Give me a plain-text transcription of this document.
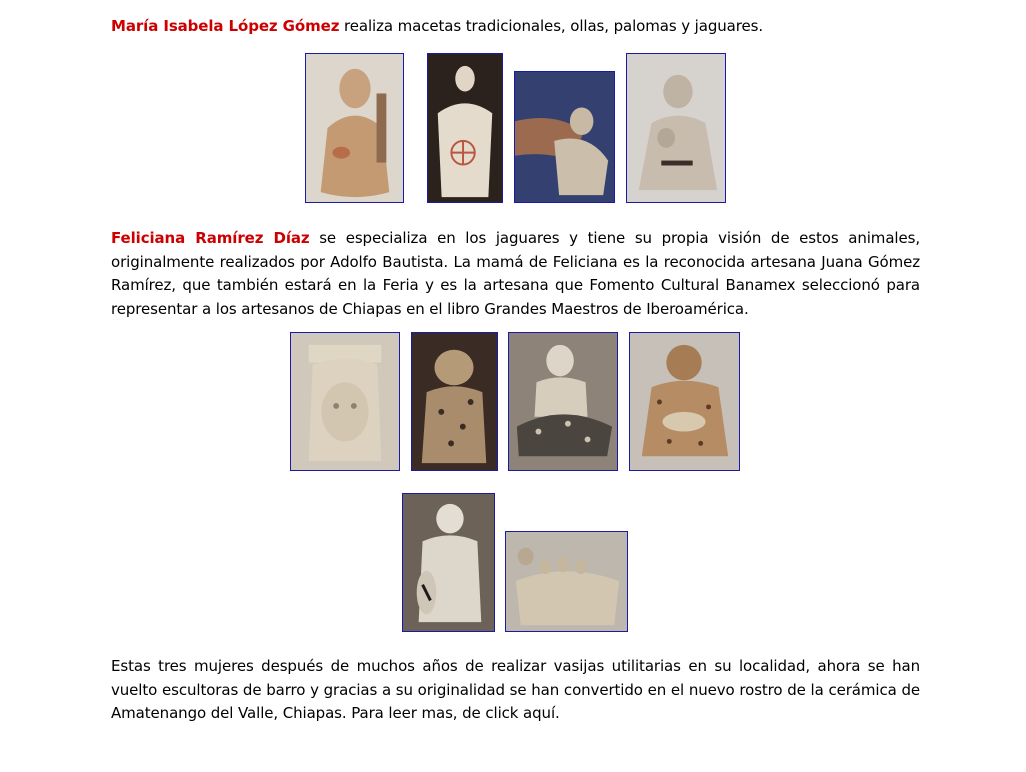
María Isabela López Gómez realiza macetas tradicionales, ollas, palomas y jaguares.

Feliciana Ramírez Díaz se especializa en los jaguares y tiene su propia visión de estos animales, originalmente realizados por Adolfo Bautista. La mamá de Feliciana es la reconocida artesana Juana Gómez Ramírez, que también estará en la Feria y es la artesana que Fomento Cultural Banamex seleccionó para representar a los artesanos de Chiapas en el libro Grandes Maestros de Iberoamérica.

Estas tres mujeres después de muchos años de realizar vasijas utilitarias en su localidad, ahora se han vuelto escultoras de barro y gracias a su originalidad se han convertido en el nuevo rostro de la cerámica de Amatenango del Valle, Chiapas. Para leer mas, de click aquí.
